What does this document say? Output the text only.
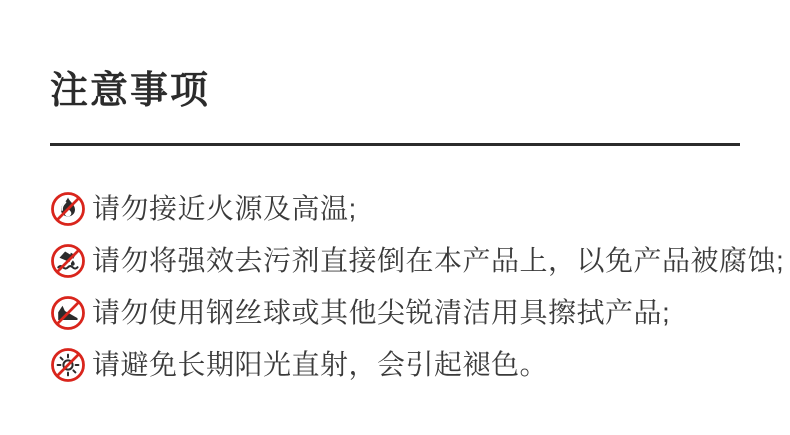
注意事项
请勿接近火源及高温;
请勿将强效去污剂直接倒在本产品上，以免产品被腐蚀;
请勿使用钢丝球或其他尖锐清洁用具擦拭产品;
请避免长期阳光直射，会引起褪色。
